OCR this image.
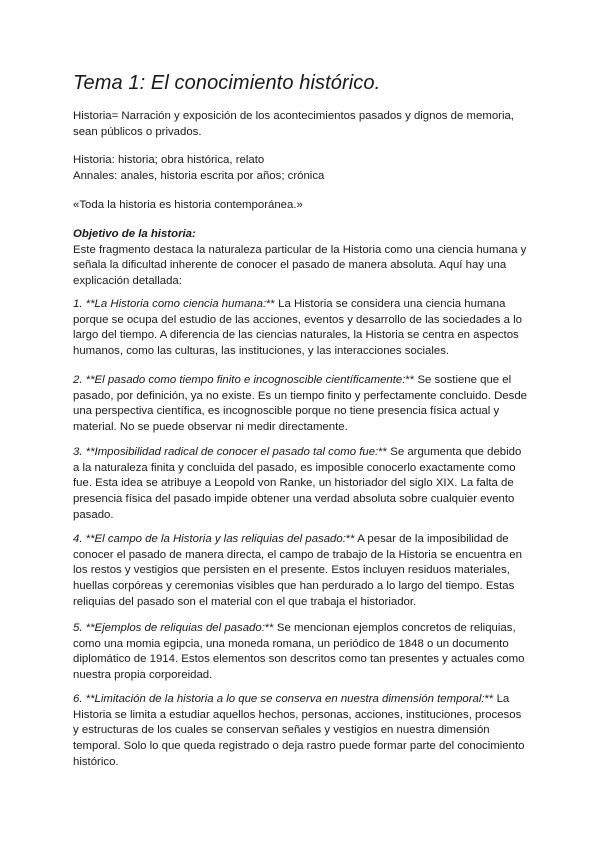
Tema 1: El conocimiento histórico.

Historia= Narración y exposición de los acontecimientos pasados y dignos de memoria, sean públicos o privados.

Historia: historia; obra histórica, relato

Annales: anales, historia escrita por años; crónica

«Toda la historia es historia contemporánea.»

Objetivo de la historia:

Este fragmento destaca la naturaleza particular de la Historia como una ciencia humana y señala la dificultad inherente de conocer el pasado de manera absoluta. Aquí hay una explicación detallada:

1. **La Historia como ciencia humana:** La Historia se considera una ciencia humana porque se ocupa del estudio de las acciones, eventos y desarrollo de las sociedades a lo largo del tiempo. A diferencia de las ciencias naturales, la Historia se centra en aspectos humanos, como las culturas, las instituciones, y las interacciones sociales.

2. **El pasado como tiempo finito e incognoscible científicamente:** Se sostiene que el pasado, por definición, ya no existe. Es un tiempo finito y perfectamente concluido. Desde una perspectiva científica, es incognoscible porque no tiene presencia física actual y material. No se puede observar ni medir directamente.

3. **Imposibilidad radical de conocer el pasado tal como fue:** Se argumenta que debido a la naturaleza finita y concluida del pasado, es imposible conocerlo exactamente como fue. Esta idea se atribuye a Leopold von Ranke, un historiador del siglo XIX. La falta de presencia física del pasado impide obtener una verdad absoluta sobre cualquier evento pasado.

4. **El campo de la Historia y las reliquias del pasado:** A pesar de la imposibilidad de conocer el pasado de manera directa, el campo de trabajo de la Historia se encuentra en los restos y vestigios que persisten en el presente. Estos incluyen residuos materiales, huellas corpóreas y ceremonias visibles que han perdurado a lo largo del tiempo. Estas reliquias del pasado son el material con el que trabaja el historiador.

5. **Ejemplos de reliquias del pasado:** Se mencionan ejemplos concretos de reliquias, como una momia egipcia, una moneda romana, un periódico de 1848 o un documento diplomático de 1914. Estos elementos son descritos como tan presentes y actuales como nuestra propia corporeidad.

6. **Limitación de la historia a lo que se conserva en nuestra dimensión temporal:** La Historia se limita a estudiar aquellos hechos, personas, acciones, instituciones, procesos y estructuras de los cuales se conservan señales y vestigios en nuestra dimensión temporal. Solo lo que queda registrado o deja rastro puede formar parte del conocimiento histórico.
